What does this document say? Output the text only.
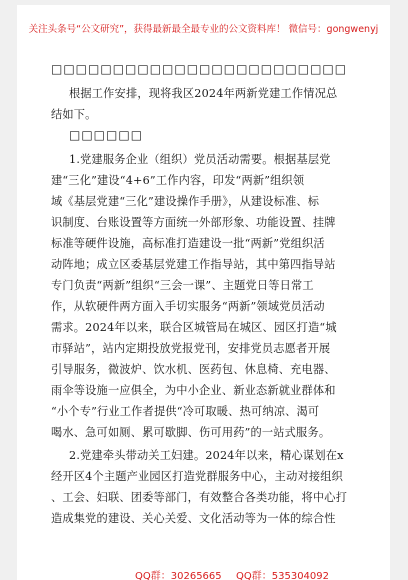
关注头条号“公文研究”，获得最新最全最专业的公文资料库！ 微信号：gongwenyj
□□□□□□□□□□□□□□□□□□□□□□□□
根据工作安排，现将我区2024年两新党建工作情况总
结如下。
□□□□□□
1.党建服务企业（组织）党员活动需要。根据基层党
建“三化”建设“4+6”工作内容，印发“两新”组织领
域《基层党建“三化”建设操作手册》，从建设标准、标
识制度、台账设置等方面统一外部形象、功能设置、挂牌
标准等硬件设施，高标准打造建设一批“两新”党组织活
动阵地；成立区委基层党建工作指导站，其中第四指导站
专门负责“两新”组织“三会一课”、主题党日等日常工
作，从软硬件两方面入手切实服务“两新”领域党员活动
需求。2024年以来，联合区城管局在城区、园区打造“城
市驿站”，站内定期投放党报党刊，安排党员志愿者开展
引导服务，微波炉、饮水机、医药包、休息椅、充电器、
雨伞等设施一应俱全，为中小企业、新业态新就业群体和
“小个专”行业工作者提供“冷可取暖、热可纳凉、渴可
喝水、急可如厕、累可歇脚、伤可用药”的一站式服务。
2.党建牵头带动关工妇建。2024年以来，精心谋划在x
经开区4个主题产业园区打造党群服务中心，主动对接组织
、工会、妇联、团委等部门，有效整合各类功能，将中心打
造成集党的建设、关心关爱、文化活动等为一体的综合性
QQ群：30265665 QQ群：535304092
